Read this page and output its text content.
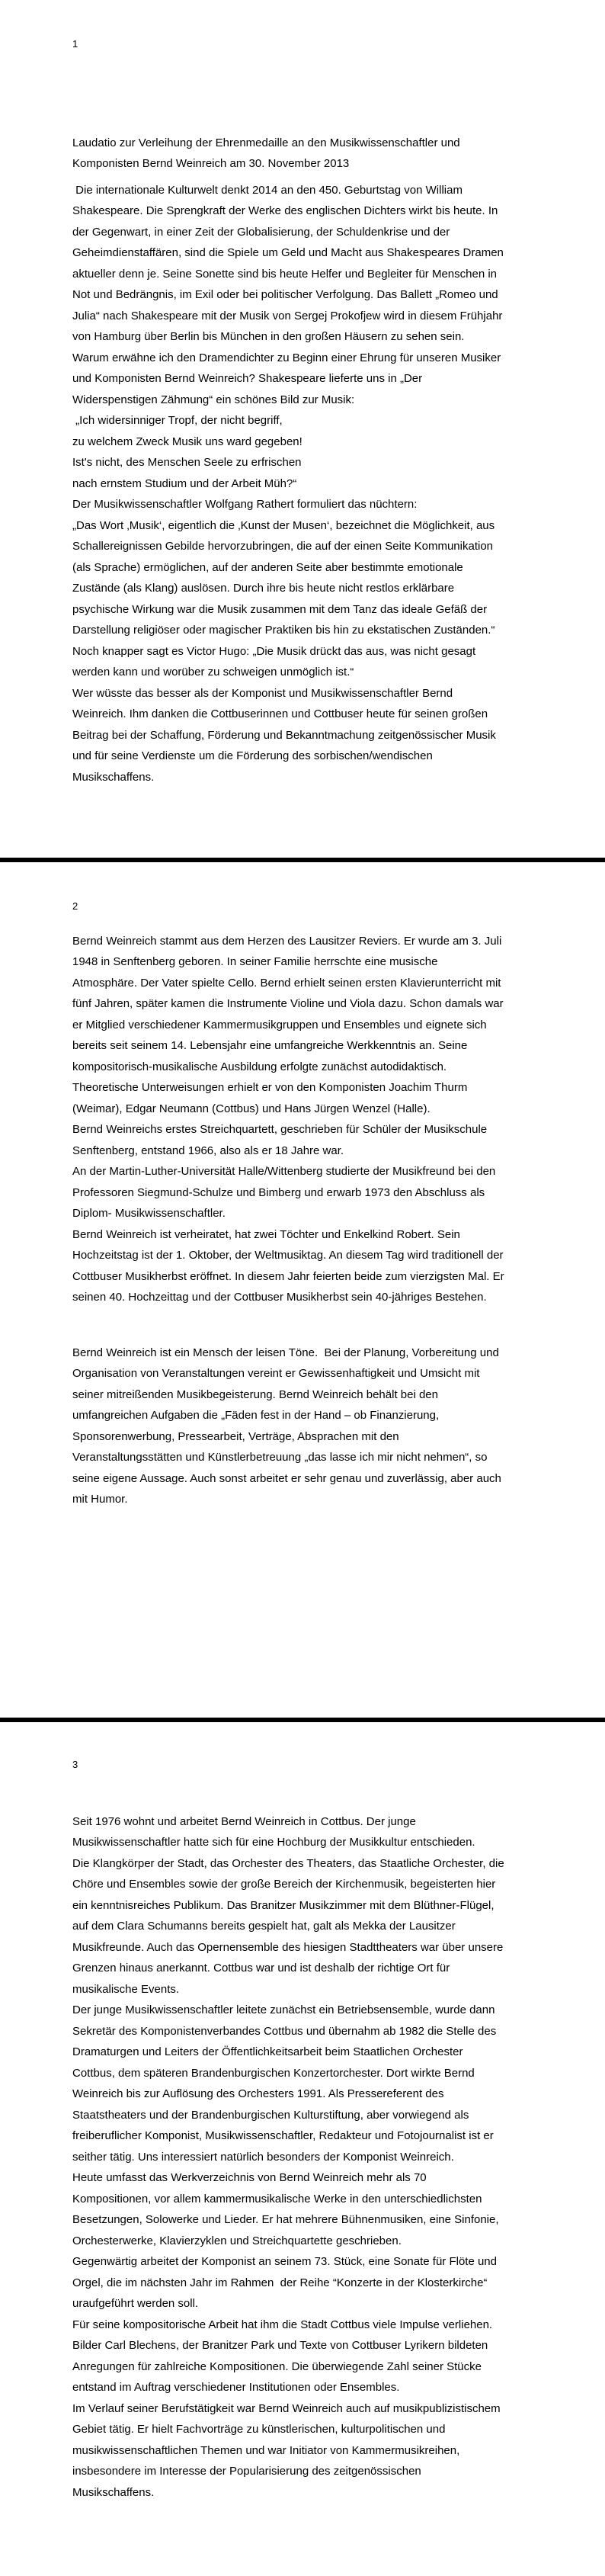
1
Laudatio zur Verleihung der Ehrenmedaille an den Musikwissenschaftler und
Komponisten Bernd Weinreich am 30. November 2013
Die internationale Kulturwelt denkt 2014 an den 450. Geburtstag von William
Shakespeare. Die Sprengkraft der Werke des englischen Dichters wirkt bis heute. In
der Gegenwart, in einer Zeit der Globalisierung, der Schuldenkrise und der
Geheimdienstaffären, sind die Spiele um Geld und Macht aus Shakespeares Dramen
aktueller denn je. Seine Sonette sind bis heute Helfer und Begleiter für Menschen in
Not und Bedrängnis, im Exil oder bei politischer Verfolgung. Das Ballett „Romeo und
Julia“ nach Shakespeare mit der Musik von Sergej Prokofjew wird in diesem Frühjahr
von Hamburg über Berlin bis München in den großen Häusern zu sehen sein.
Warum erwähne ich den Dramendichter zu Beginn einer Ehrung für unseren Musiker
und Komponisten Bernd Weinreich? Shakespeare lieferte uns in „Der
Widerspenstigen Zähmung“ ein schönes Bild zur Musik:
„Ich widersinniger Tropf, der nicht begriff,
zu welchem Zweck Musik uns ward gegeben!
Ist's nicht, des Menschen Seele zu erfrischen
nach ernstem Studium und der Arbeit Müh?“
Der Musikwissenschaftler Wolfgang Rathert formuliert das nüchtern:
„Das Wort ‚Musik‘, eigentlich die ‚Kunst der Musen‘, bezeichnet die Möglichkeit, aus
Schallereignissen Gebilde hervorzubringen, die auf der einen Seite Kommunikation
(als Sprache) ermöglichen, auf der anderen Seite aber bestimmte emotionale
Zustände (als Klang) auslösen. Durch ihre bis heute nicht restlos erklärbare
psychische Wirkung war die Musik zusammen mit dem Tanz das ideale Gefäß der
Darstellung religiöser oder magischer Praktiken bis hin zu ekstatischen Zuständen.“
Noch knapper sagt es Victor Hugo: „Die Musik drückt das aus, was nicht gesagt
werden kann und worüber zu schweigen unmöglich ist.“
Wer wüsste das besser als der Komponist und Musikwissenschaftler Bernd
Weinreich. Ihm danken die Cottbuserinnen und Cottbuser heute für seinen großen
Beitrag bei der Schaffung, Förderung und Bekanntmachung zeitgenössischer Musik
und für seine Verdienste um die Förderung des sorbischen/wendischen
Musikschaffens.
2
Bernd Weinreich stammt aus dem Herzen des Lausitzer Reviers. Er wurde am 3. Juli
1948 in Senftenberg geboren. In seiner Familie herrschte eine musische
Atmosphäre. Der Vater spielte Cello. Bernd erhielt seinen ersten Klavierunterricht mit
fünf Jahren, später kamen die Instrumente Violine und Viola dazu. Schon damals war
er Mitglied verschiedener Kammermusikgruppen und Ensembles und eignete sich
bereits seit seinem 14. Lebensjahr eine umfangreiche Werkkenntnis an. Seine
kompositorisch-musikalische Ausbildung erfolgte zunächst autodidaktisch.
Theoretische Unterweisungen erhielt er von den Komponisten Joachim Thurm
(Weimar), Edgar Neumann (Cottbus) und Hans Jürgen Wenzel (Halle).
Bernd Weinreichs erstes Streichquartett, geschrieben für Schüler der Musikschule
Senftenberg, entstand 1966, also als er 18 Jahre war.
An der Martin-Luther-Universität Halle/Wittenberg studierte der Musikfreund bei den
Professoren Siegmund-Schulze und Bimberg und erwarb 1973 den Abschluss als
Diplom- Musikwissenschaftler.
Bernd Weinreich ist verheiratet, hat zwei Töchter und Enkelkind Robert. Sein
Hochzeitstag ist der 1. Oktober, der Weltmusiktag. An diesem Tag wird traditionell der
Cottbuser Musikherbst eröffnet. In diesem Jahr feierten beide zum vierzigsten Mal. Er
seinen 40. Hochzeittag und der Cottbuser Musikherbst sein 40-jähriges Bestehen.
Bernd Weinreich ist ein Mensch der leisen Töne.  Bei der Planung, Vorbereitung und
Organisation von Veranstaltungen vereint er Gewissenhaftigkeit und Umsicht mit
seiner mitreißenden Musikbegeisterung. Bernd Weinreich behält bei den
umfangreichen Aufgaben die „Fäden fest in der Hand – ob Finanzierung,
Sponsorenwerbung, Pressearbeit, Verträge, Absprachen mit den
Veranstaltungsstätten und Künstlerbetreuung „das lasse ich mir nicht nehmen“, so
seine eigene Aussage. Auch sonst arbeitet er sehr genau und zuverlässig, aber auch
mit Humor.
3
Seit 1976 wohnt und arbeitet Bernd Weinreich in Cottbus. Der junge
Musikwissenschaftler hatte sich für eine Hochburg der Musikkultur entschieden.
Die Klangkörper der Stadt, das Orchester des Theaters, das Staatliche Orchester, die
Chöre und Ensembles sowie der große Bereich der Kirchenmusik, begeisterten hier
ein kenntnisreiches Publikum. Das Branitzer Musikzimmer mit dem Blüthner-Flügel,
auf dem Clara Schumanns bereits gespielt hat, galt als Mekka der Lausitzer
Musikfreunde. Auch das Opernensemble des hiesigen Stadttheaters war über unsere
Grenzen hinaus anerkannt. Cottbus war und ist deshalb der richtige Ort für
musikalische Events.
Der junge Musikwissenschaftler leitete zunächst ein Betriebsensemble, wurde dann
Sekretär des Komponistenverbandes Cottbus und übernahm ab 1982 die Stelle des
Dramaturgen und Leiters der Öffentlichkeitsarbeit beim Staatlichen Orchester
Cottbus, dem späteren Brandenburgischen Konzertorchester. Dort wirkte Bernd
Weinreich bis zur Auflösung des Orchesters 1991. Als Pressereferent des
Staatstheaters und der Brandenburgischen Kulturstiftung, aber vorwiegend als
freiberuflicher Komponist, Musikwissenschaftler, Redakteur und Fotojournalist ist er
seither tätig. Uns interessiert natürlich besonders der Komponist Weinreich.
Heute umfasst das Werkverzeichnis von Bernd Weinreich mehr als 70
Kompositionen, vor allem kammermusikalische Werke in den unterschiedlichsten
Besetzungen, Solowerke und Lieder. Er hat mehrere Bühnenmusiken, eine Sinfonie,
Orchesterwerke, Klavierzyklen und Streichquartette geschrieben.
Gegenwärtig arbeitet der Komponist an seinem 73. Stück, eine Sonate für Flöte und
Orgel, die im nächsten Jahr im Rahmen  der Reihe “Konzerte in der Klosterkirche“
uraufgeführt werden soll.
Für seine kompositorische Arbeit hat ihm die Stadt Cottbus viele Impulse verliehen.
Bilder Carl Blechens, der Branitzer Park und Texte von Cottbuser Lyrikern bildeten
Anregungen für zahlreiche Kompositionen. Die überwiegende Zahl seiner Stücke
entstand im Auftrag verschiedener Institutionen oder Ensembles.
Im Verlauf seiner Berufstätigkeit war Bernd Weinreich auch auf musikpublizistischem
Gebiet tätig. Er hielt Fachvorträge zu künstlerischen, kulturpolitischen und
musikwissenschaftlichen Themen und war Initiator von Kammermusikreihen,
insbesondere im Interesse der Popularisierung des zeitgenössischen
Musikschaffens.
